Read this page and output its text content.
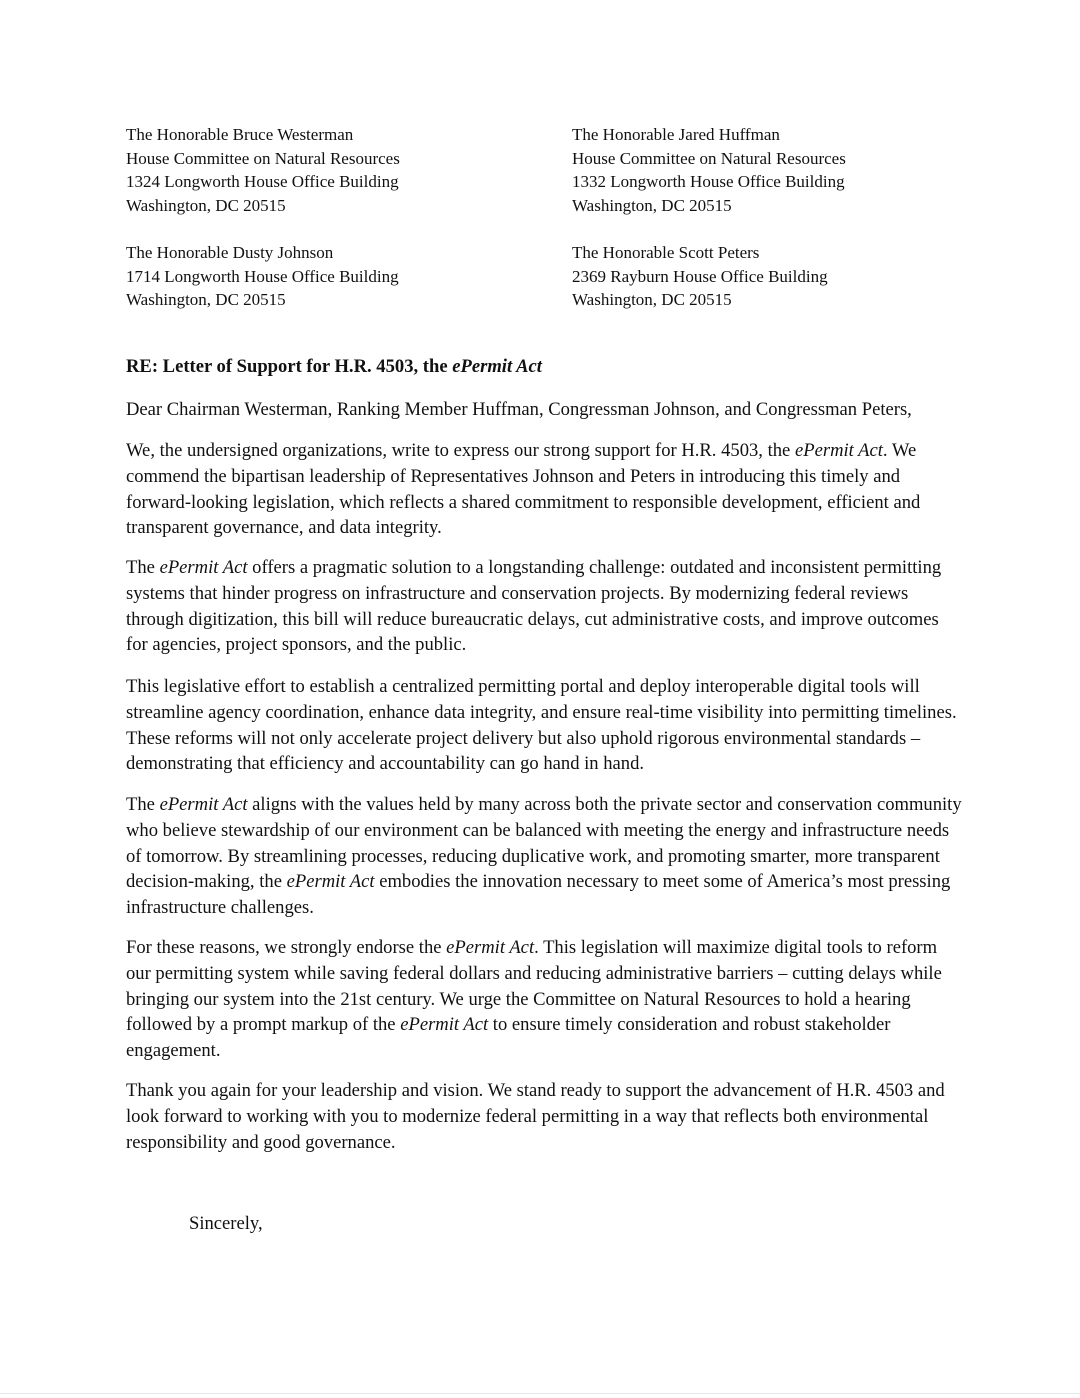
The Honorable Bruce Westerman
House Committee on Natural Resources
1324 Longworth House Office Building
Washington, DC 20515
The Honorable Jared Huffman
House Committee on Natural Resources
1332 Longworth House Office Building
Washington, DC 20515
The Honorable Dusty Johnson
1714 Longworth House Office Building
Washington, DC 20515
The Honorable Scott Peters
2369 Rayburn House Office Building
Washington, DC 20515
RE: Letter of Support for H.R. 4503, the ePermit Act

Dear Chairman Westerman, Ranking Member Huffman, Congressman Johnson, and Congressman Peters,

We, the undersigned organizations, write to express our strong support for H.R. 4503, the ePermit Act. We commend the bipartisan leadership of Representatives Johnson and Peters in introducing this timely and forward-looking legislation, which reflects a shared commitment to responsible development, efficient and transparent governance, and data integrity.

The ePermit Act offers a pragmatic solution to a longstanding challenge: outdated and inconsistent permitting systems that hinder progress on infrastructure and conservation projects. By modernizing federal reviews through digitization, this bill will reduce bureaucratic delays, cut administrative costs, and improve outcomes for agencies, project sponsors, and the public.

This legislative effort to establish a centralized permitting portal and deploy interoperable digital tools will streamline agency coordination, enhance data integrity, and ensure real-time visibility into permitting timelines. These reforms will not only accelerate project delivery but also uphold rigorous environmental standards – demonstrating that efficiency and accountability can go hand in hand.

The ePermit Act aligns with the values held by many across both the private sector and conservation community who believe stewardship of our environment can be balanced with meeting the energy and infrastructure needs of tomorrow. By streamlining processes, reducing duplicative work, and promoting smarter, more transparent decision-making, the ePermit Act embodies the innovation necessary to meet some of America’s most pressing infrastructure challenges.

For these reasons, we strongly endorse the ePermit Act. This legislation will maximize digital tools to reform our permitting system while saving federal dollars and reducing administrative barriers – cutting delays while bringing our system into the 21st century. We urge the Committee on Natural Resources to hold a hearing followed by a prompt markup of the ePermit Act to ensure timely consideration and robust stakeholder engagement.

Thank you again for your leadership and vision. We stand ready to support the advancement of H.R. 4503 and look forward to working with you to modernize federal permitting in a way that reflects both environmental responsibility and good governance.

Sincerely,
